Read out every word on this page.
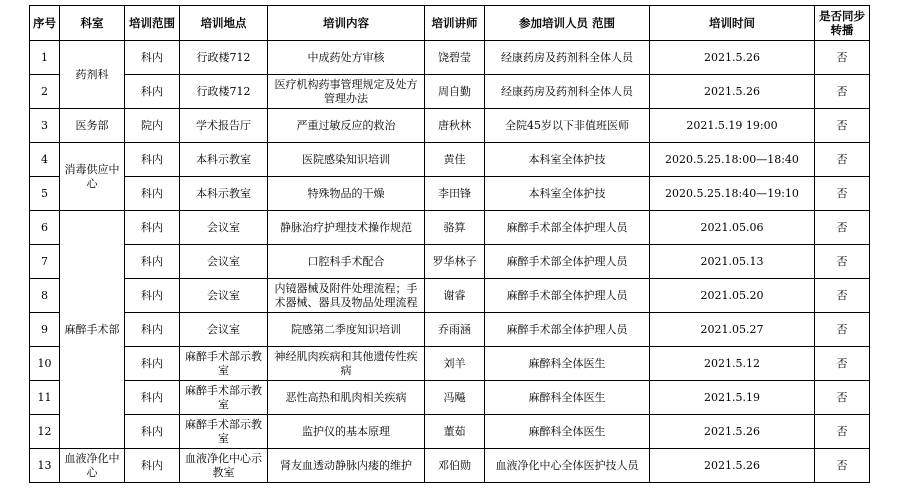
序号	科室	培训范围	培训地点	培训内容	培训讲师	参加培训人员 范围	培训时间	是否同步转播
1	药剂科	科内	行政楼712	中成药处方审核	饶碧莹	经康药房及药剂科全体人员	2021.5.26	否
2		科内	行政楼712	医疗机构药事管理规定及处方管理办法	周自勤	经康药房及药剂科全体人员	2021.5.26	否
3	医务部	院内	学术报告厅	严重过敏反应的救治	唐秋林	全院45岁以下非值班医师	2021.5.19 19:00	否
4	消毒供应中心	科内	本科示教室	医院感染知识培训	黄佳	本科室全体护技	2020.5.25.18:00—18:40	否
5		科内	本科示教室	特殊物品的干燥	李田锋	本科室全体护技	2020.5.25.18:40—19:10	否
6	麻醉手术部	科内	会议室	静脉治疗护理技术操作规范	骆算	麻醉手术部全体护理人员	2021.05.06	否
7		科内	会议室	口腔科手术配合	罗华林子	麻醉手术部全体护理人员	2021.05.13	否
8		科内	会议室	内镜器械及附件处理流程；手术器械、器具及物品处理流程	谢睿	麻醉手术部全体护理人员	2021.05.20	否
9		科内	会议室	院感第二季度知识培训	乔雨涵	麻醉手术部全体护理人员	2021.05.27	否
10		科内	麻醉手术部示教室	神经肌肉疾病和其他遗传性疾病	刘羊	麻醉科全体医生	2021.5.12	否
11		科内	麻醉手术部示教室	恶性高热和肌肉相关疾病	冯飚	麻醉科全体医生	2021.5.19	否
12		科内	麻醉手术部示教室	监护仪的基本原理	董茹	麻醉科全体医生	2021.5.26	否
13	血液净化中心	科内	血液净化中心示教室	肾友血透动静脉内瘘的维护	邓伯勋	血液净化中心全体医护技人员	2021.5.26	否
